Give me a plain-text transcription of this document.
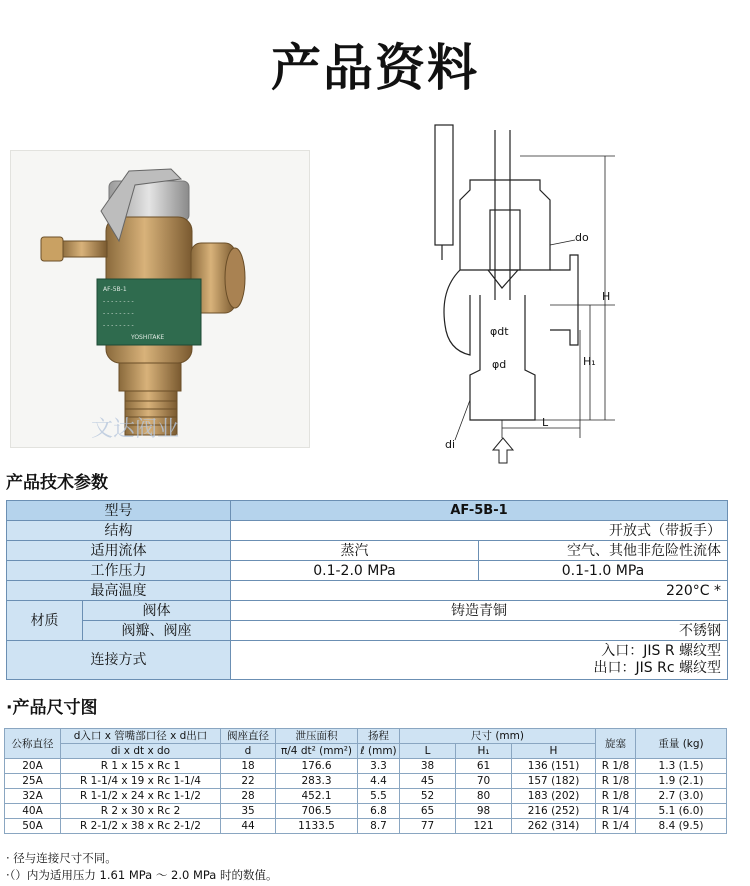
产品资料
AF-5B-1
- - - - - - - -
- - - - - - - -
- - - - - - - -
YOSHITAKE
文达阀业
do
H
H₁
φdt
φd
L
di
产品技术参数
型号		AF-5B-1	
结构		开放式（带扳手）	
适用流体		蒸汽	空气、其他非危险性流体
工作压力		0.1-2.0 MPa	0.1-1.0 MPa
最高温度		220°C *	
材质	阀体	铸造青铜	
	阀瓣、阀座	不锈钢	
连接方式		入口：JIS R 螺纹型
出口：JIS Rc 螺纹型	
·产品尺寸图
公称直径	d入口 x 管嘴部口径 x d出口	阀座直径	泄压面积	扬程	尺寸 (mm)			旋塞	重量 (kg)
	di x dt x do	d	π/4 dt² (mm²)	ℓ (mm)	L	H₁	H		
20A	R 1 x 15 x Rc 1	18	176.6	3.3	38	61	136 (151)	R 1/8	1.3 (1.5)
25A	R 1-1/4 x 19 x Rc 1-1/4	22	283.3	4.4	45	70	157 (182)	R 1/8	1.9 (2.1)
32A	R 1-1/2 x 24 x Rc 1-1/2	28	452.1	5.5	52	80	183 (202)	R 1/8	2.7 (3.0)
40A	R 2 x 30 x Rc 2	35	706.5	6.8	65	98	216 (252)	R 1/4	5.1 (6.0)
50A	R 2-1/2 x 38 x Rc 2-1/2	44	1133.5	8.7	77	121	262 (314)	R 1/4	8.4 (9.5)
· 径与连接尺寸不同。
·（）内为适用压力 1.61 MPa ～ 2.0 MPa 时的数值。
